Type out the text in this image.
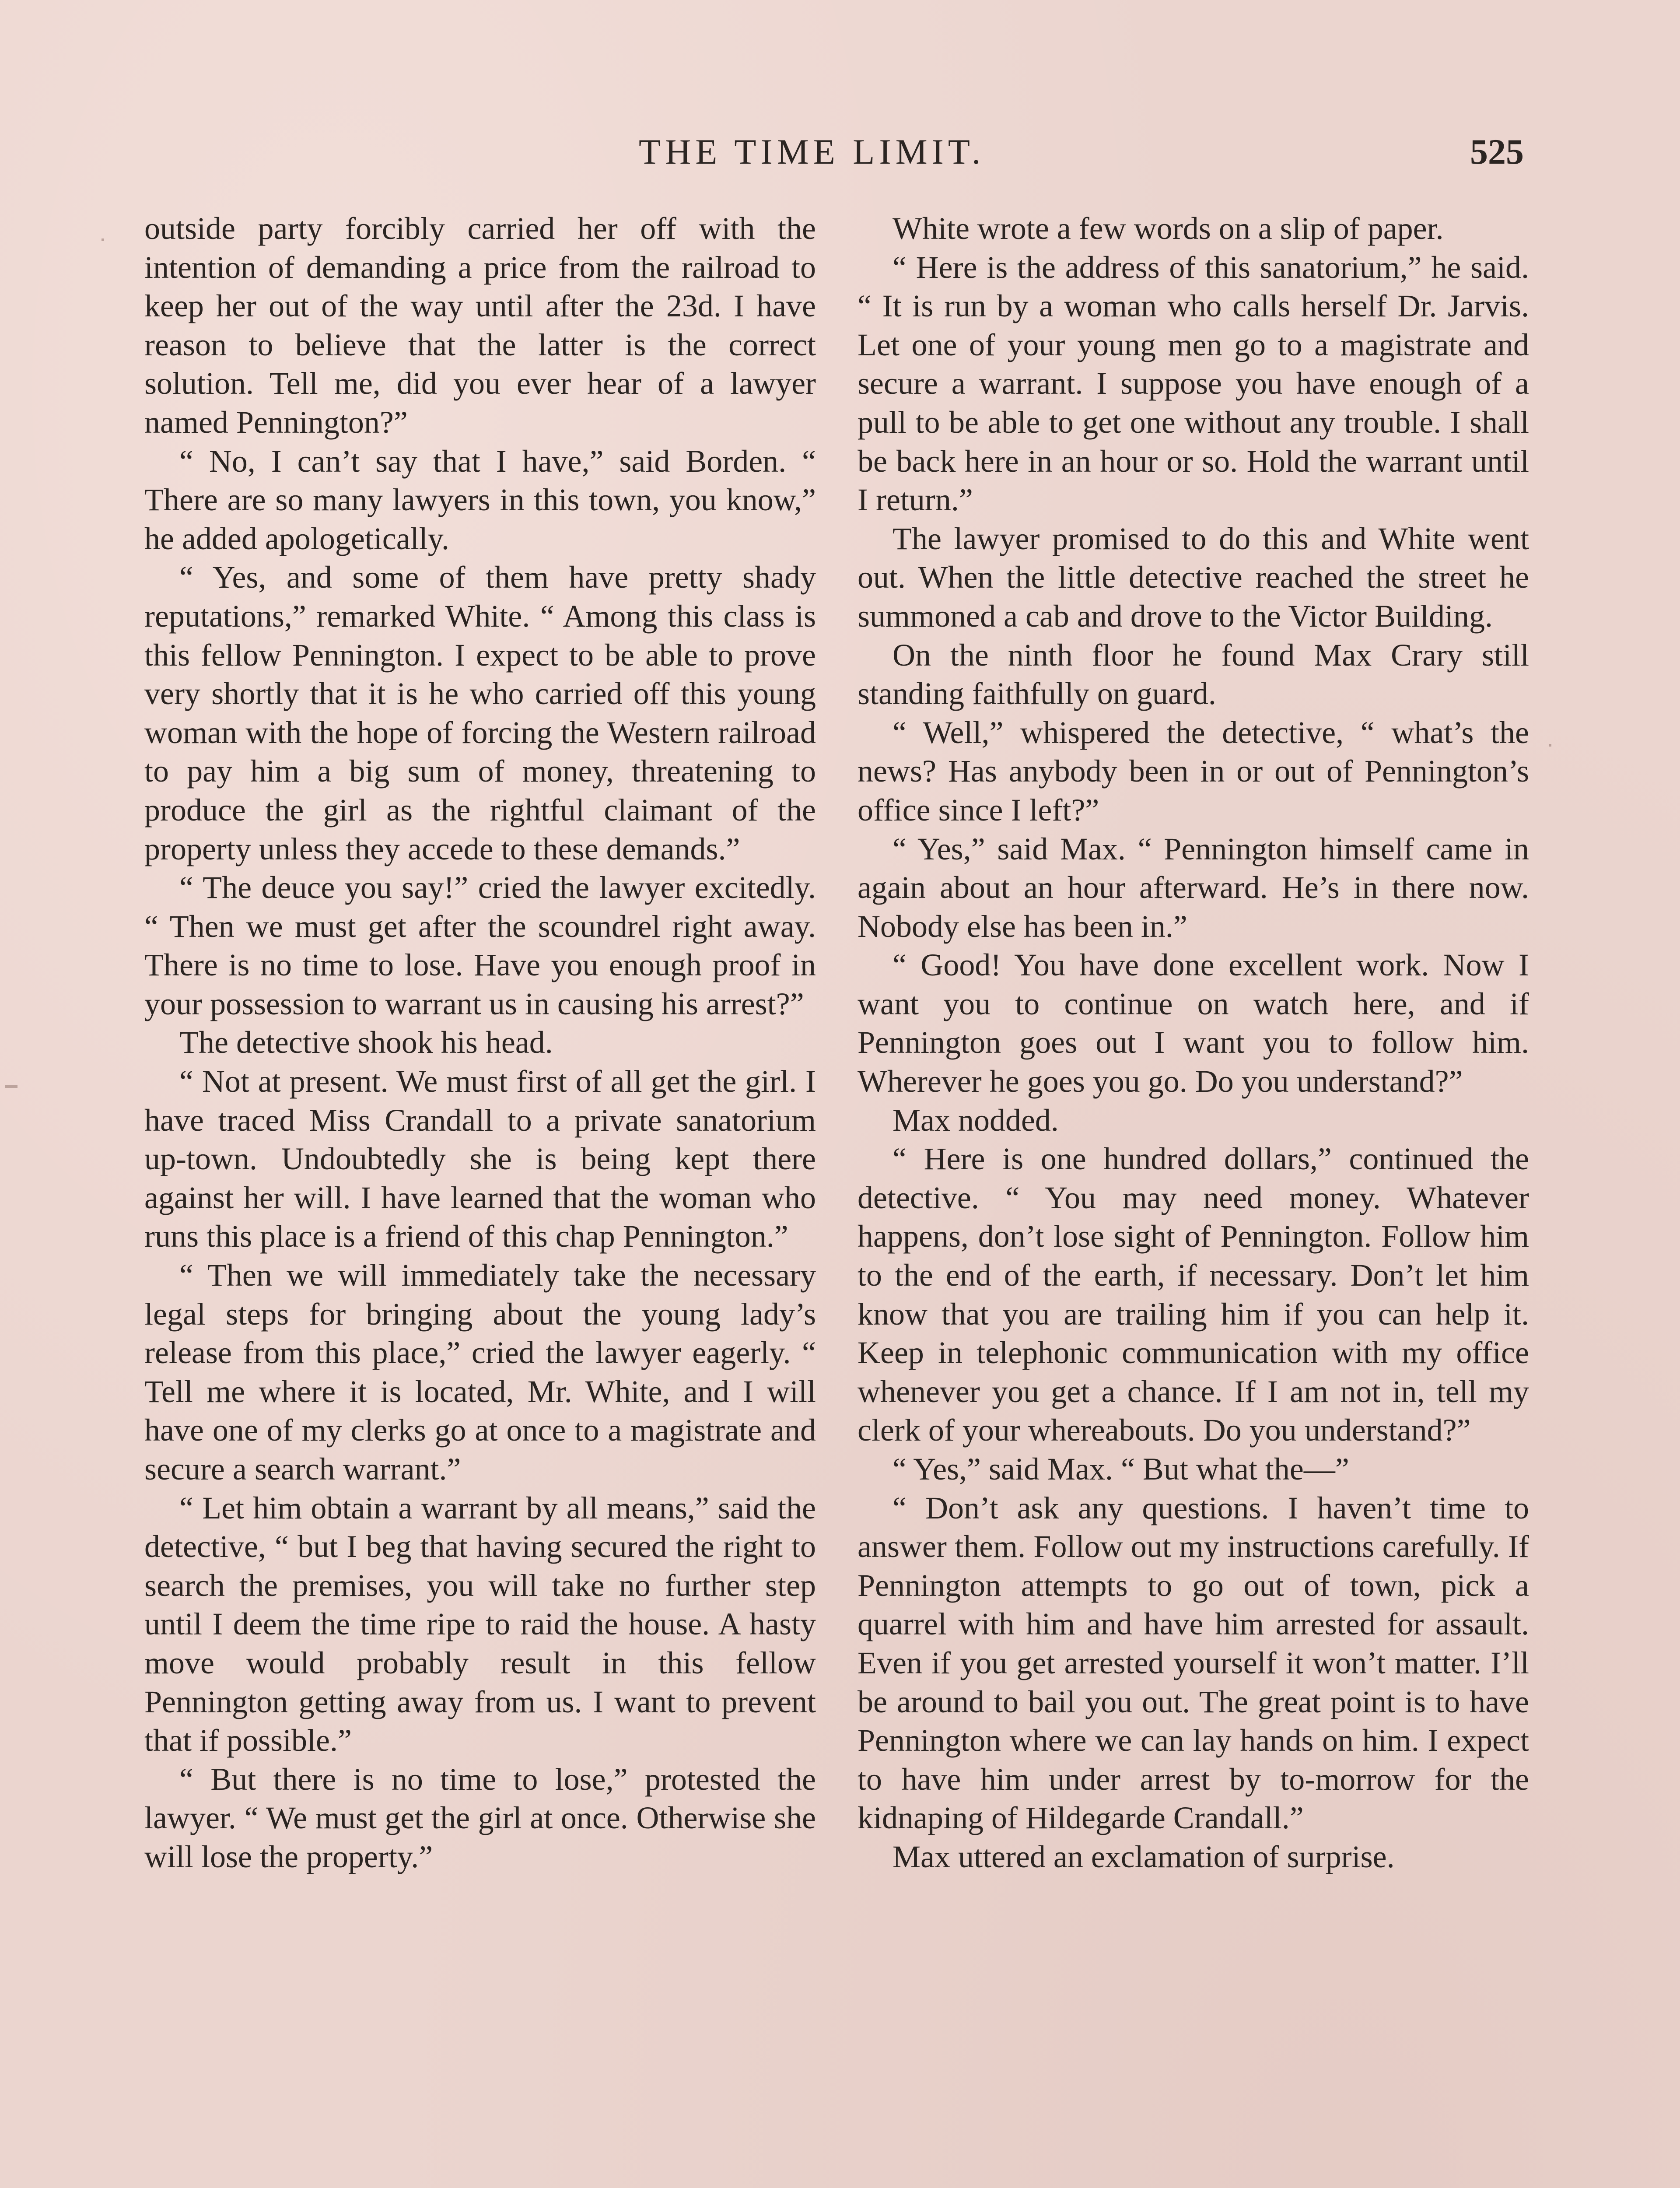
THE TIME LIMIT.	525

outside party forcibly carried her off with the intention of demanding a price from the railroad to keep her out of the way until after the 23d. I have reason to believe that the latter is the correct solution. Tell me, did you ever hear of a lawyer named Pennington?”

“ No, I can’t say that I have,” said Borden. “ There are so many lawyers in this town, you know,” he added apologetically.

“ Yes, and some of them have pretty shady reputations,” remarked White. “ Among this class is this fellow Pennington. I expect to be able to prove very shortly that it is he who carried off this young woman with the hope of forcing the Western railroad to pay him a big sum of money, threatening to produce the girl as the rightful claimant of the property unless they accede to these demands.”

“ The deuce you say!” cried the lawyer excitedly. “ Then we must get after the scoundrel right away. There is no time to lose. Have you enough proof in your possession to warrant us in causing his arrest?”

The detective shook his head.

“ Not at present. We must first of all get the girl. I have traced Miss Crandall to a private sanatorium up-town. Undoubtedly she is being kept there against her will. I have learned that the woman who runs this place is a friend of this chap Pennington.”

“ Then we will immediately take the necessary legal steps for bringing about the young lady’s release from this place,” cried the lawyer eagerly. “ Tell me where it is located, Mr. White, and I will have one of my clerks go at once to a magistrate and secure a search warrant.”

“ Let him obtain a warrant by all means,” said the detective, “ but I beg that having secured the right to search the premises, you will take no further step until I deem the time ripe to raid the house. A hasty move would probably result in this fellow Pennington getting away from us. I want to prevent that if possible.”

“ But there is no time to lose,” protested the lawyer. “ We must get the girl at once. Otherwise she will lose the property.”

White wrote a few words on a slip of paper.

“ Here is the address of this sanatorium,” he said. “ It is run by a woman who calls herself Dr. Jarvis. Let one of your young men go to a magistrate and secure a warrant. I suppose you have enough of a pull to be able to get one without any trouble. I shall be back here in an hour or so. Hold the warrant until I return.”

The lawyer promised to do this and White went out. When the little detective reached the street he summoned a cab and drove to the Victor Building.

On the ninth floor he found Max Crary still standing faithfully on guard.

“ Well,” whispered the detective, “ what’s the news? Has anybody been in or out of Pennington’s office since I left?”

“ Yes,” said Max. “ Pennington himself came in again about an hour afterward. He’s in there now. Nobody else has been in.”

“ Good! You have done excellent work. Now I want you to continue on watch here, and if Pennington goes out I want you to follow him. Wherever he goes you go. Do you understand?”

Max nodded.

“ Here is one hundred dollars,” continued the detective. “ You may need money. Whatever happens, don’t lose sight of Pennington. Follow him to the end of the earth, if necessary. Don’t let him know that you are trailing him if you can help it. Keep in telephonic communication with my office whenever you get a chance. If I am not in, tell my clerk of your whereabouts. Do you understand?”

“ Yes,” said Max. “ But what the—”

“ Don’t ask any questions. I haven’t time to answer them. Follow out my instructions carefully. If Pennington attempts to go out of town, pick a quarrel with him and have him arrested for assault. Even if you get arrested yourself it won’t matter. I’ll be around to bail you out. The great point is to have Pennington where we can lay hands on him. I expect to have him under arrest by to-morrow for the kidnaping of Hildegarde Crandall.”

Max uttered an exclamation of surprise.
